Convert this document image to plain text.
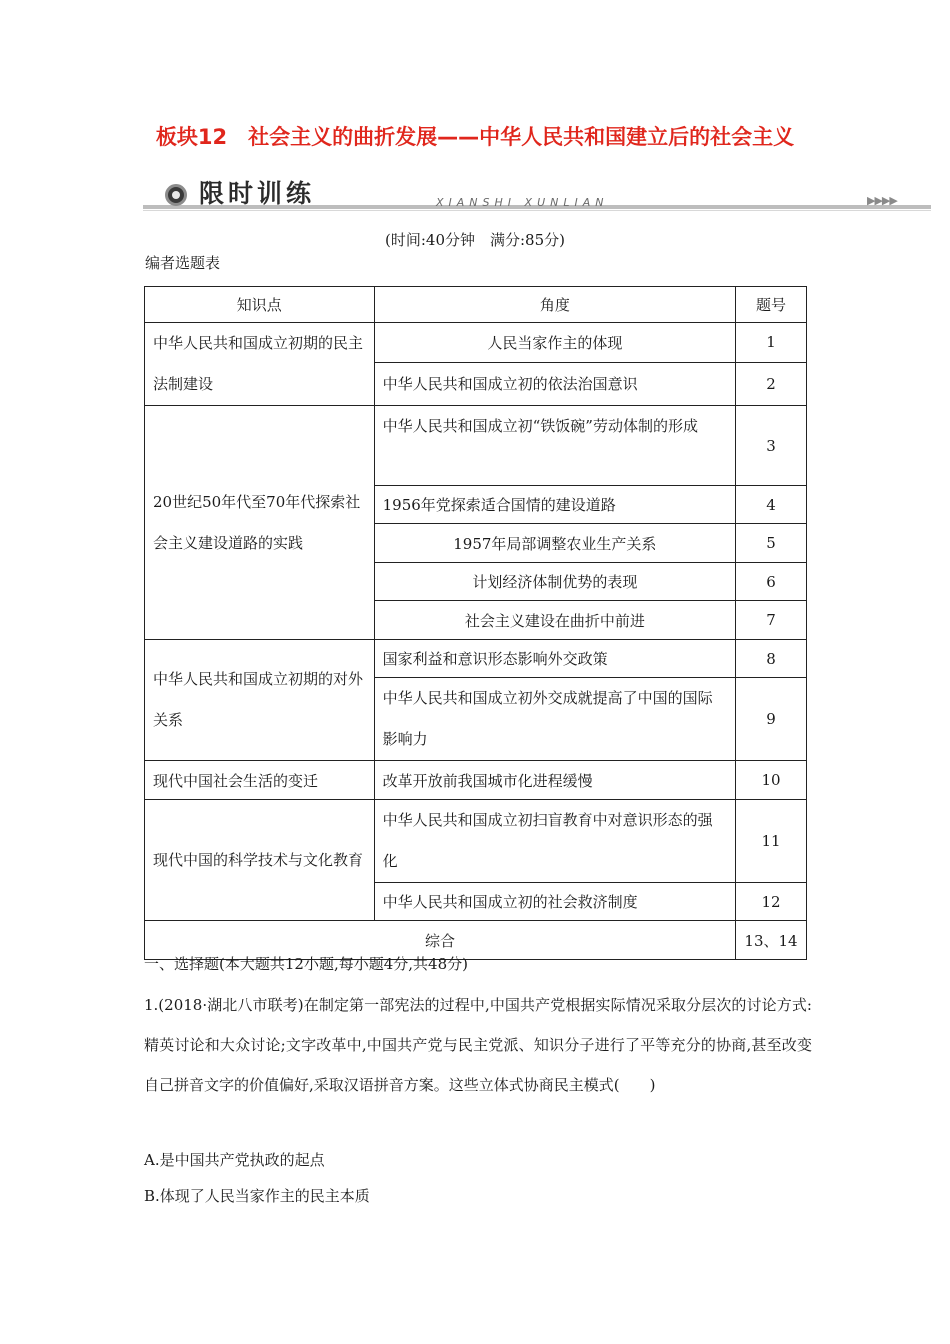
板块12　社会主义的曲折发展——中华人民共和国建立后的社会主义
限时训练	XIANSHI XUNLIAN	▶▶▶▶
(时间:40分钟　满分:85分)
编者选题表
知识点	角度	题号
中华人民共和国成立初期的民主法制建设	人民当家作主的体现	1
	中华人民共和国成立初的依法治国意识	2
20世纪50年代至70年代探索社会主义建设道路的实践	中华人民共和国成立初“铁饭碗”劳动体制的形成	3
	1956年党探索适合国情的建设道路	4
	1957年局部调整农业生产关系	5
	计划经济体制优势的表现	6
	社会主义建设在曲折中前进	7
中华人民共和国成立初期的对外关系	国家利益和意识形态影响外交政策	8
	中华人民共和国成立初外交成就提高了中国的国际影响力	9
现代中国社会生活的变迁	改革开放前我国城市化进程缓慢	10
现代中国的科学技术与文化教育	中华人民共和国成立初扫盲教育中对意识形态的强化	11
	中华人民共和国成立初的社会救济制度	12
综合		13、14
一、选择题(本大题共12小题,每小题4分,共48分)
1.(2018·湖北八市联考)在制定第一部宪法的过程中,中国共产党根据实际情况采取分层次的讨论方式:精英讨论和大众讨论;文字改革中,中国共产党与民主党派、知识分子进行了平等充分的协商,甚至改变自己拼音文字的价值偏好,采取汉语拼音方案。这些立体式协商民主模式(　　)
A.是中国共产党执政的起点
B.体现了人民当家作主的民主本质
